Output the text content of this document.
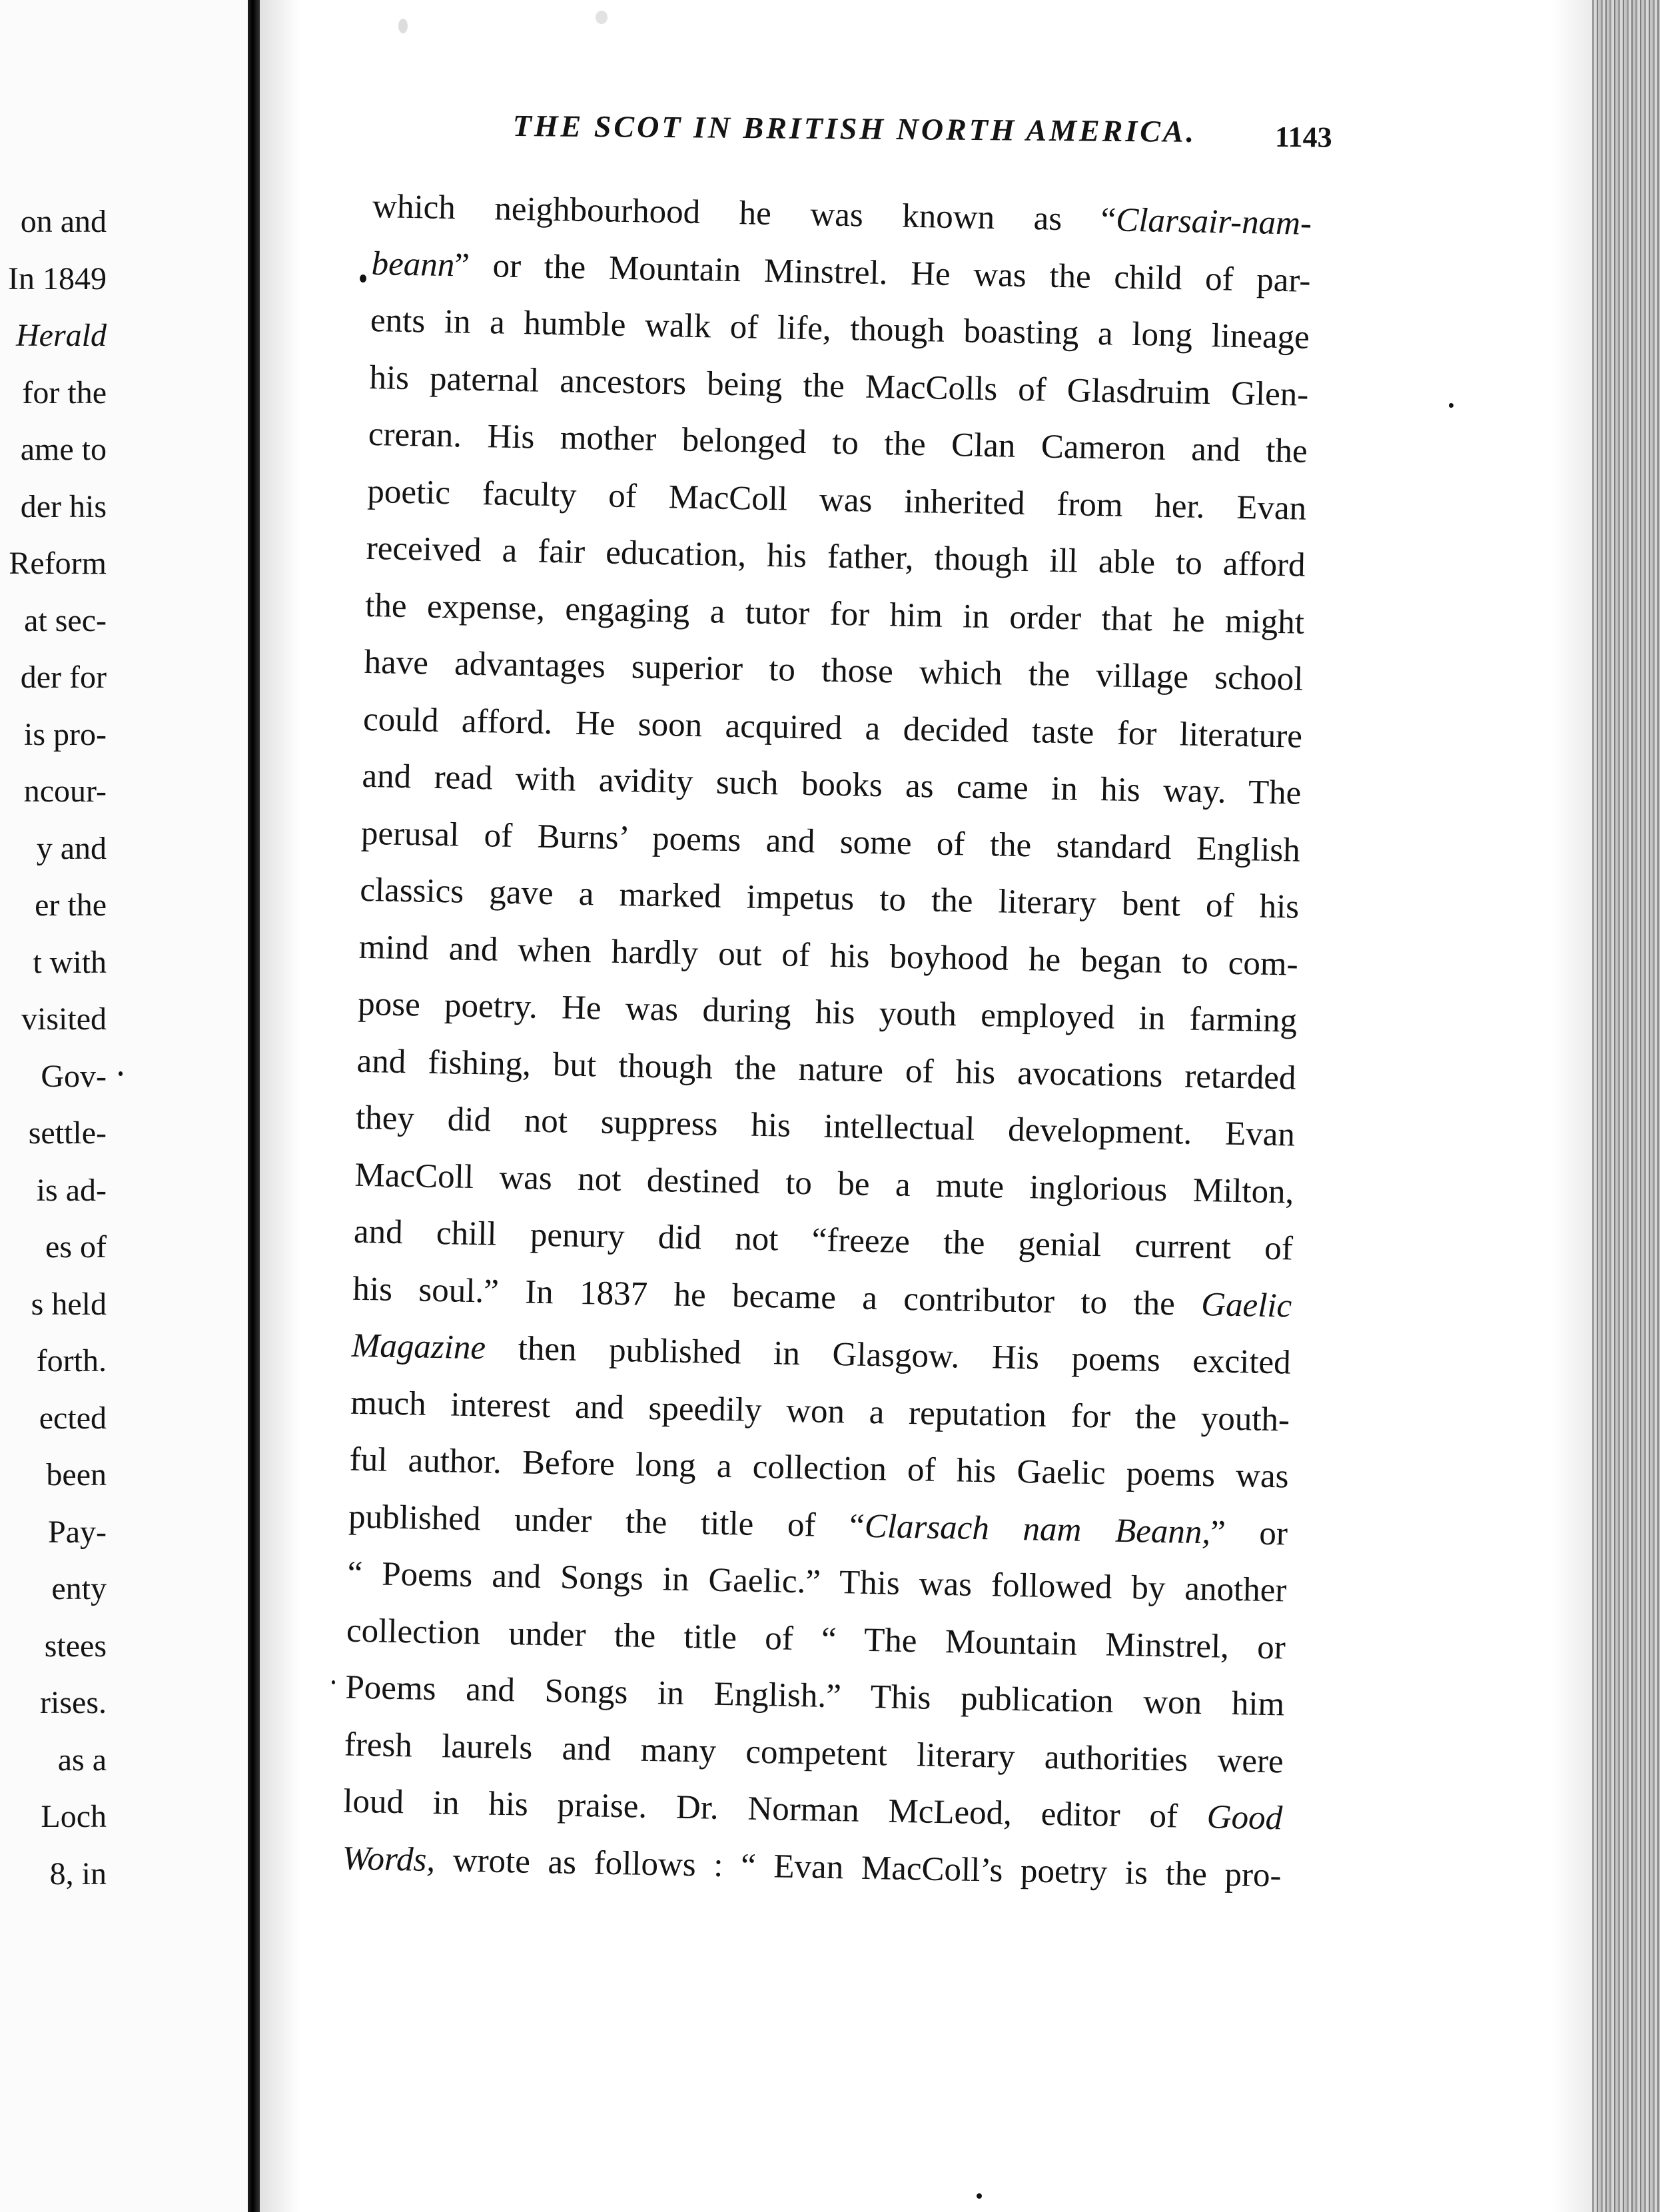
on and
In 1849
Herald
for the
ame to
der his
Reform
at sec-
der for
is pro-
ncour-
y and
er the
t with
visited
Gov-
settle-
is ad-
es of
s held
forth.
ected
been
Pay-
enty
stees
rises.
as a
Loch
8, in
THE SCOT IN BRITISH NORTH AMERICA.	1143
which neighbourhood he was known as “Clarsair-nam-
beann” or the Mountain Minstrel. He was the child of par-
ents in a humble walk of life, though boasting a long lineage
his paternal ancestors being the MacColls of Glasdruim Glen-
creran. His mother belonged to the Clan Cameron and the
poetic faculty of MacColl was inherited from her. Evan
received a fair education, his father, though ill able to afford
the expense, engaging a tutor for him in order that he might
have advantages superior to those which the village school
could afford. He soon acquired a decided taste for literature
and read with avidity such books as came in his way. The
perusal of Burns’ poems and some of the standard English
classics gave a marked impetus to the literary bent of his
mind and when hardly out of his boyhood he began to com-
pose poetry. He was during his youth employed in farming
and fishing, but though the nature of his avocations retarded
they did not suppress his intellectual development. Evan
MacColl was not destined to be a mute inglorious Milton,
and chill penury did not “freeze the genial current of
his soul.” In 1837 he became a contributor to the Gaelic
Magazine then published in Glasgow. His poems excited
much interest and speedily won a reputation for the youth-
ful author. Before long a collection of his Gaelic poems was
published under the title of “Clarsach nam Beann,” or
“ Poems and Songs in Gaelic.” This was followed by another
collection under the title of “ The Mountain Minstrel, or
Poems and Songs in English.” This publication won him
fresh laurels and many competent literary authorities were
loud in his praise. Dr. Norman McLeod, editor of Good
Words, wrote as follows : “ Evan MacColl’s poetry is the pro-
